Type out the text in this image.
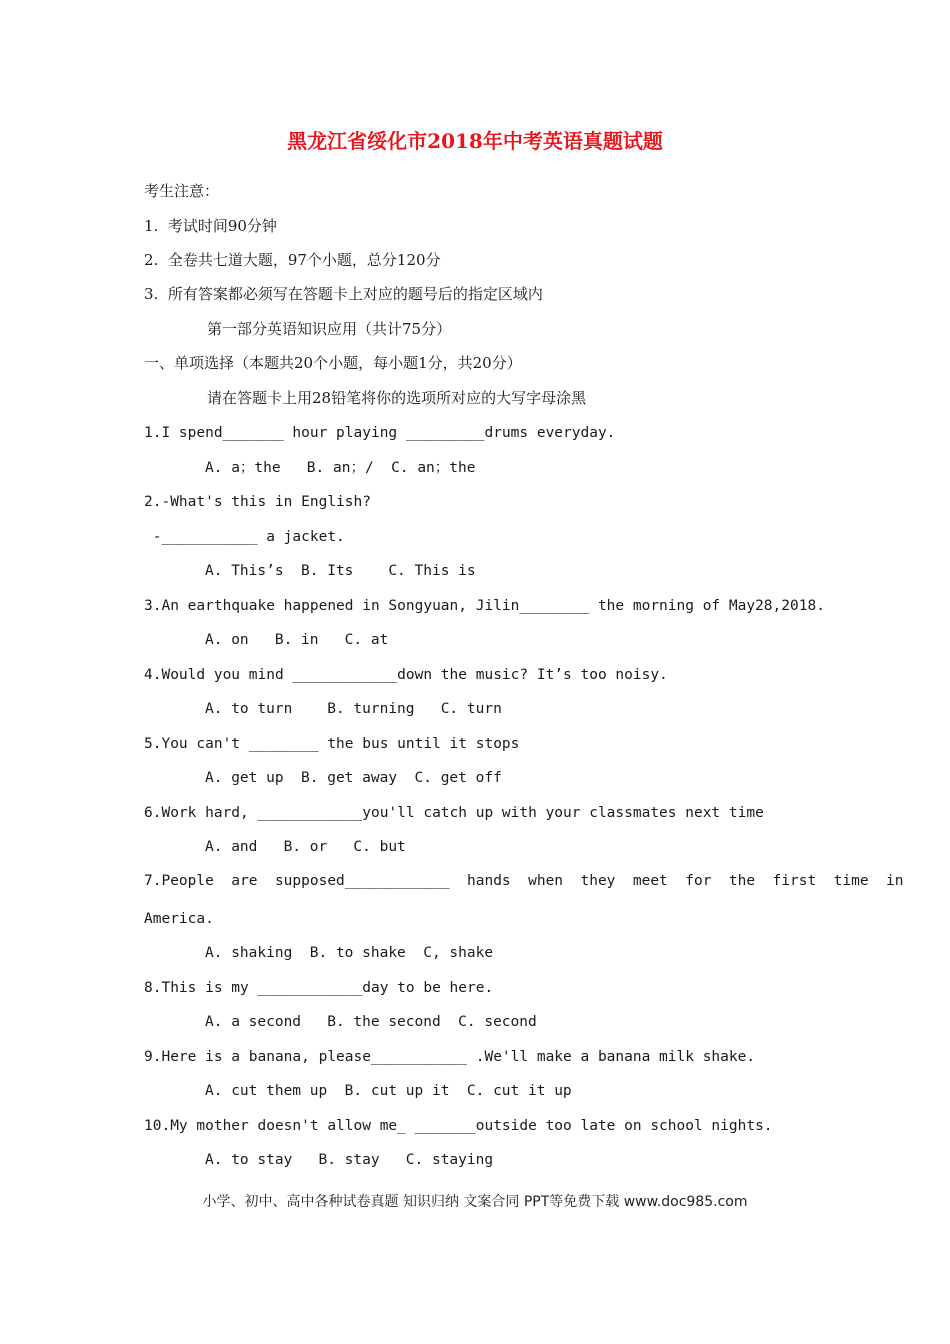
黑龙江省绥化市2018年中考英语真题试题
考生注意：
1.  考试时间90分钟
2.  全卷共七道大题，97个小题，总分120分
3.  所有答案都必须写在答题卡上对应的题号后的指定区域内
第一部分英语知识应用（共计75分）
一、单项选择（本题共20个小题，每小题1分，共20分）
请在答题卡上用28铅笔将你的选项所对应的大写字母涂黑
1.I spend_______ hour playing _________drums everyday.
A. a；the   B. an；/  C. an；the
2.-What's this in English?
-___________ a jacket.
A. This’s  B. Its    C. This is
3.An earthquake happened in Songyuan, Jilin________ the morning of May28,2018.
A. on   B. in   C. at
4.Would you mind ____________down the music? It’s too noisy.
A. to turn    B. turning   C. turn
5.You can't ________ the bus until it stops
A. get up  B. get away  C. get off
6.Work hard, ____________you'll catch up with your classmates next time
A. and   B. or   C. but
7.People  are  supposed____________  hands  when  they  meet  for  the  first  time  in
America.
A. shaking  B. to shake  C, shake
8.This is my ____________day to be here.
A. a second   B. the second  C. second
9.Here is a banana, please___________ .We'll make a banana milk shake.
A. cut them up  B. cut up it  C. cut it up
10.My mother doesn't allow me_ _______outside too late on school nights.
A. to stay   B. stay   C. staying
小学、初中、高中各种试卷真题 知识归纳 文案合同 PPT等免费下载 www.doc985.com
